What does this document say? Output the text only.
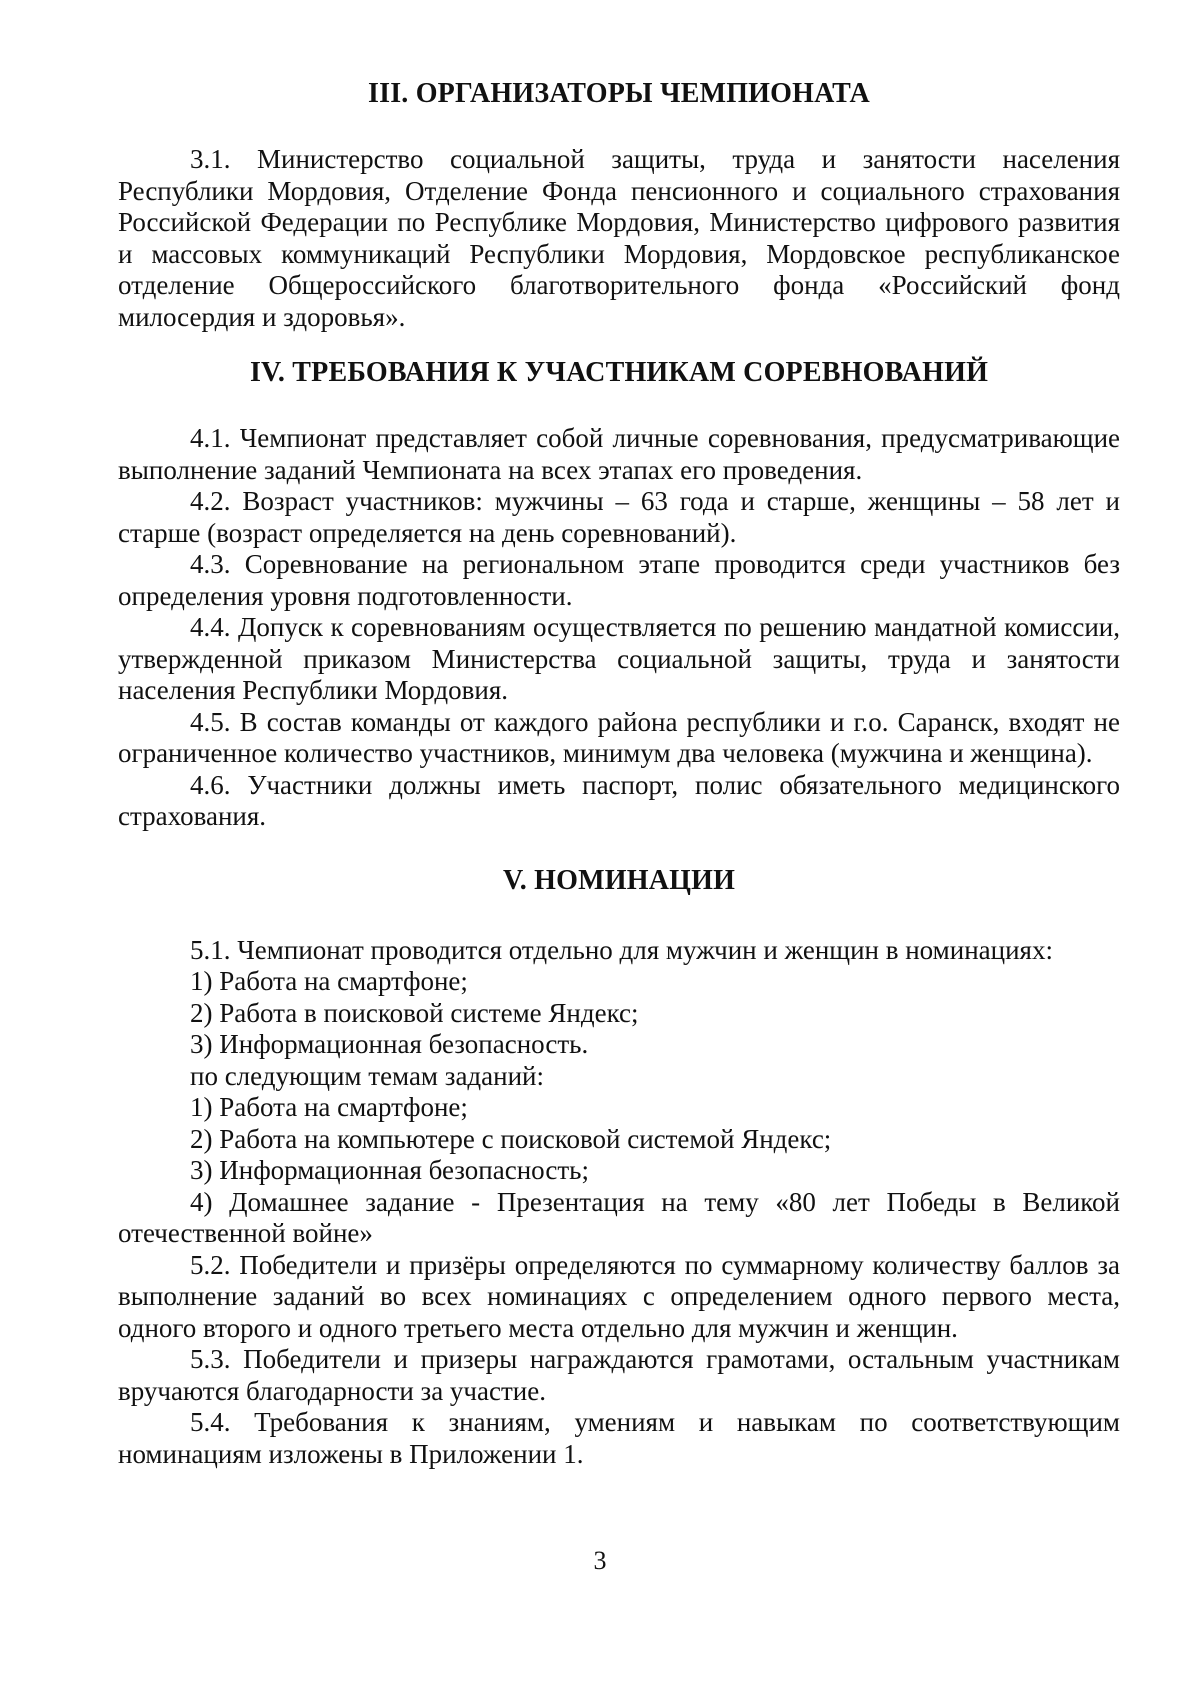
III. ОРГАНИЗАТОРЫ ЧЕМПИОНАТА

3.1. Министерство социальной защиты, труда и занятости населения Республики Мордовия, Отделение Фонда пенсионного и социального страхования Российской Федерации по Республике Мордовия, Министерство цифрового развития и массовых коммуникаций Республики Мордовия, Мордовское республиканское отделение Общероссийского благотворительного фонда «Российский фонд милосердия и здоровья».

IV. ТРЕБОВАНИЯ К УЧАСТНИКАМ СОРЕВНОВАНИЙ

4.1. Чемпионат представляет собой личные соревнования, предусматривающие выполнение заданий Чемпионата на всех этапах его проведения.

4.2. Возраст участников: мужчины – 63 года и старше, женщины – 58 лет и старше (возраст определяется на день соревнований).

4.3. Соревнование на региональном этапе проводится среди участников без определения уровня подготовленности.

4.4. Допуск к соревнованиям осуществляется по решению мандатной комиссии, утвержденной приказом Министерства социальной защиты, труда и занятости населения Республики Мордовия.

4.5. В состав команды от каждого района республики и г.о. Саранск, входят не ограниченное количество участников, минимум два человека (мужчина и женщина).

4.6. Участники должны иметь паспорт, полис обязательного медицинского страхования.

V. НОМИНАЦИИ

5.1. Чемпионат проводится отдельно для мужчин и женщин в номинациях:

1) Работа на смартфоне;

2) Работа в поисковой системе Яндекс;

3) Информационная безопасность.

по следующим темам заданий:

1) Работа на смартфоне;

2) Работа на компьютере с поисковой системой Яндекс;

3) Информационная безопасность;

4) Домашнее задание - Презентация на тему «80 лет Победы в Великой отечественной войне»

5.2. Победители и призёры определяются по суммарному количеству баллов за выполнение заданий во всех номинациях с определением одного первого места, одного второго и одного третьего места отдельно для мужчин и женщин.

5.3. Победители и призеры награждаются грамотами, остальным участникам вручаются благодарности за участие.

5.4. Требования к знаниям, умениям и навыкам по соответствующим номинациям изложены в Приложении 1.

3
